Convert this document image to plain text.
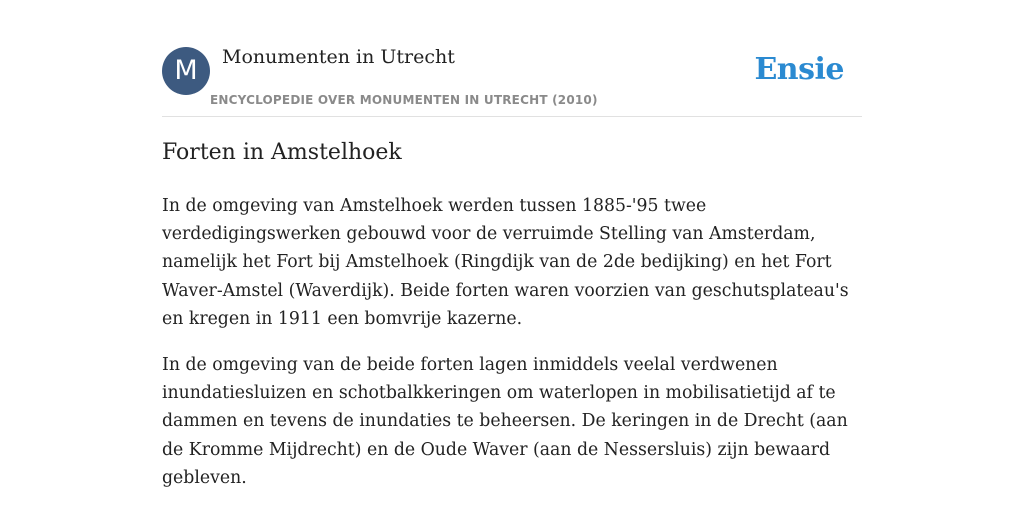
M	Monumenten in Utrecht
ENCYCLOPEDIE OVER MONUMENTEN IN UTRECHT (2010)
Ensie
Forten in Amstelhoek

In de omgeving van Amstelhoek werden tussen 1885-'95 twee verdedigingswerken gebouwd voor de verruimde Stelling van Amsterdam, namelijk het Fort bij Amstelhoek (Ringdijk van de 2de bedijking) en het Fort Waver-Amstel (Waverdijk). Beide forten waren voorzien van geschutsplateau's en kregen in 1911 een bomvrije kazerne.

In de omgeving van de beide forten lagen inmiddels veelal verdwenen inundatiesluizen en schotbalkkeringen om waterlopen in mobilisatietijd af te dammen en tevens de inundaties te beheersen. De keringen in de Drecht (aan de Kromme Mijdrecht) en de Oude Waver (aan de Nessersluis) zijn bewaard gebleven.
